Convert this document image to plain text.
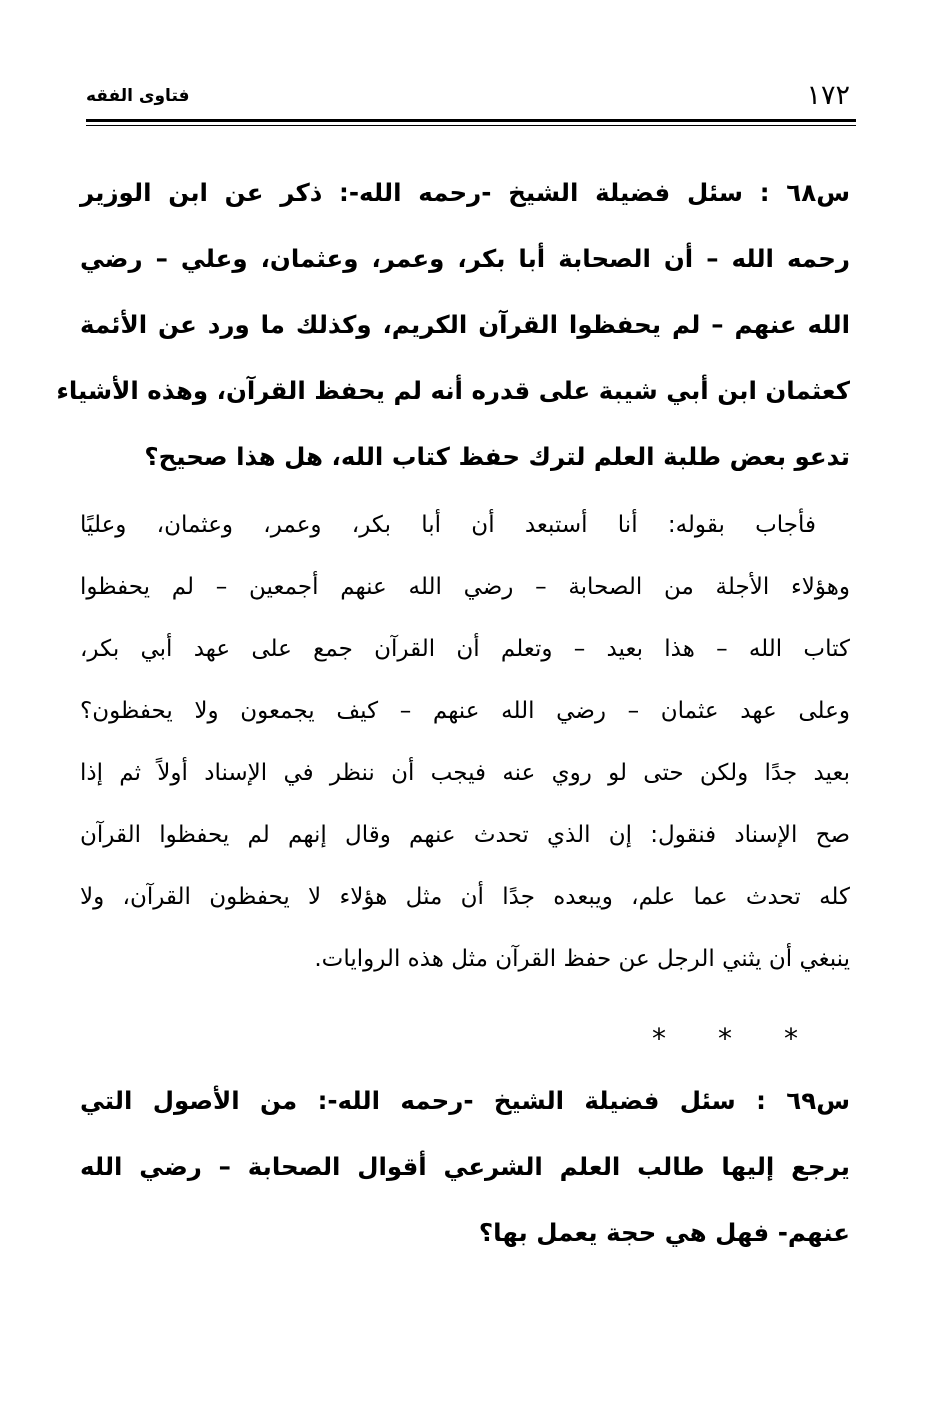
فتاوى الفقه	١٧٢
س٦٨ : سئل فضيلة الشيخ -رحمه الله-: ذكر عن ابن الوزير
رحمه الله – أن الصحابة أبا بكر، وعمر، وعثمان، وعلي – رضي
الله عنهم – لم يحفظوا القرآن الكريم، وكذلك ما ورد عن الأئمة
كعثمان ابن أبي شيبة على قدره أنه لم يحفظ القرآن، وهذه الأشياء
تدعو بعض طلبة العلم لترك حفظ كتاب الله، هل هذا صحيح؟
فأجاب بقوله: أنا أستبعد أن أبا بكر، وعمر، وعثمان، وعليًا
وهؤلاء الأجلة من الصحابة – رضي الله عنهم أجمعين – لم يحفظوا
كتاب الله – هذا بعيد – وتعلم أن القرآن جمع على عهد أبي بكر،
وعلى عهد عثمان – رضي الله عنهم – كيف يجمعون ولا يحفظون؟
بعيد جدًا ولكن حتى لو روي عنه فيجب أن ننظر في الإسناد أولاً ثم إذا
صح الإسناد فنقول: إن الذي تحدث عنهم وقال إنهم لم يحفظوا القرآن
كله تحدث عما علم، ويبعده جدًا أن مثل هؤلاء لا يحفظون القرآن، ولا
ينبغي أن يثني الرجل عن حفظ القرآن مثل هذه الروايات.
***
س٦٩ : سئل فضيلة الشيخ -رحمه الله-: من الأصول التي
يرجع إليها طالب العلم الشرعي أقوال الصحابة – رضي الله
عنهم- فهل هي حجة يعمل بها؟
